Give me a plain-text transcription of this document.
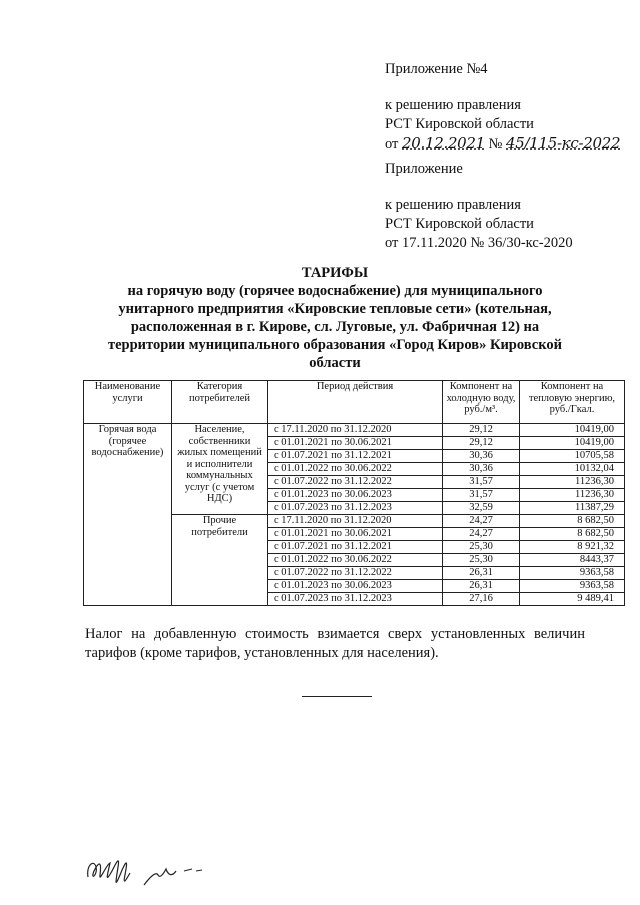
Приложение №4
к решению правления
РСТ Кировской области
от 20.12.2021 № 45/115-кс-2022
Приложение
к решению правления
РСТ Кировской области
от 17.11.2020 № 36/30-кс-2020
ТАРИФЫ
на горячую воду (горячее водоснабжение) для муниципального
унитарного предприятия «Кировские тепловые сети» (котельная,
расположенная в г. Кирове, сл. Луговые, ул. Фабричная 12) на
территории муниципального образования «Город Киров» Кировской
области
Наименование услуги	Категория потребителей	Период действия	Компонент на холодную воду, руб./м³.	Компонент на тепловую энергию, руб./Гкал.
Горячая вода (горячее водоснабжение)	Население, собственники жилых помещений и исполнители коммунальных услуг (с учетом НДС)	с 17.11.2020 по 31.12.2020	29,12	10419,00
		с 01.01.2021 по 30.06.2021	29,12	10419,00
		с 01.07.2021 по 31.12.2021	30,36	10705,58
		с 01.01.2022 по 30.06.2022	30,36	10132,04
		с 01.07.2022 по 31.12.2022	31,57	11236,30
		с 01.01.2023 по 30.06.2023	31,57	11236,30
		с 01.07.2023 по 31.12.2023	32,59	11387,29
	Прочие потребители	с 17.11.2020 по 31.12.2020	24,27	8 682,50
		с 01.01.2021 по 30.06.2021	24,27	8 682,50
		с 01.07.2021 по 31.12.2021	25,30	8 921,32
		с 01.01.2022 по 30.06.2022	25,30	8443,37
		с 01.07.2022 по 31.12.2022	26,31	9363,58
		с 01.01.2023 по 30.06.2023	26,31	9363,58
		с 01.07.2023 по 31.12.2023	27,16	9 489,41
Налог на добавленную стоимость взимается сверх установленных величин тарифов (кроме тарифов, установленных для населения).
